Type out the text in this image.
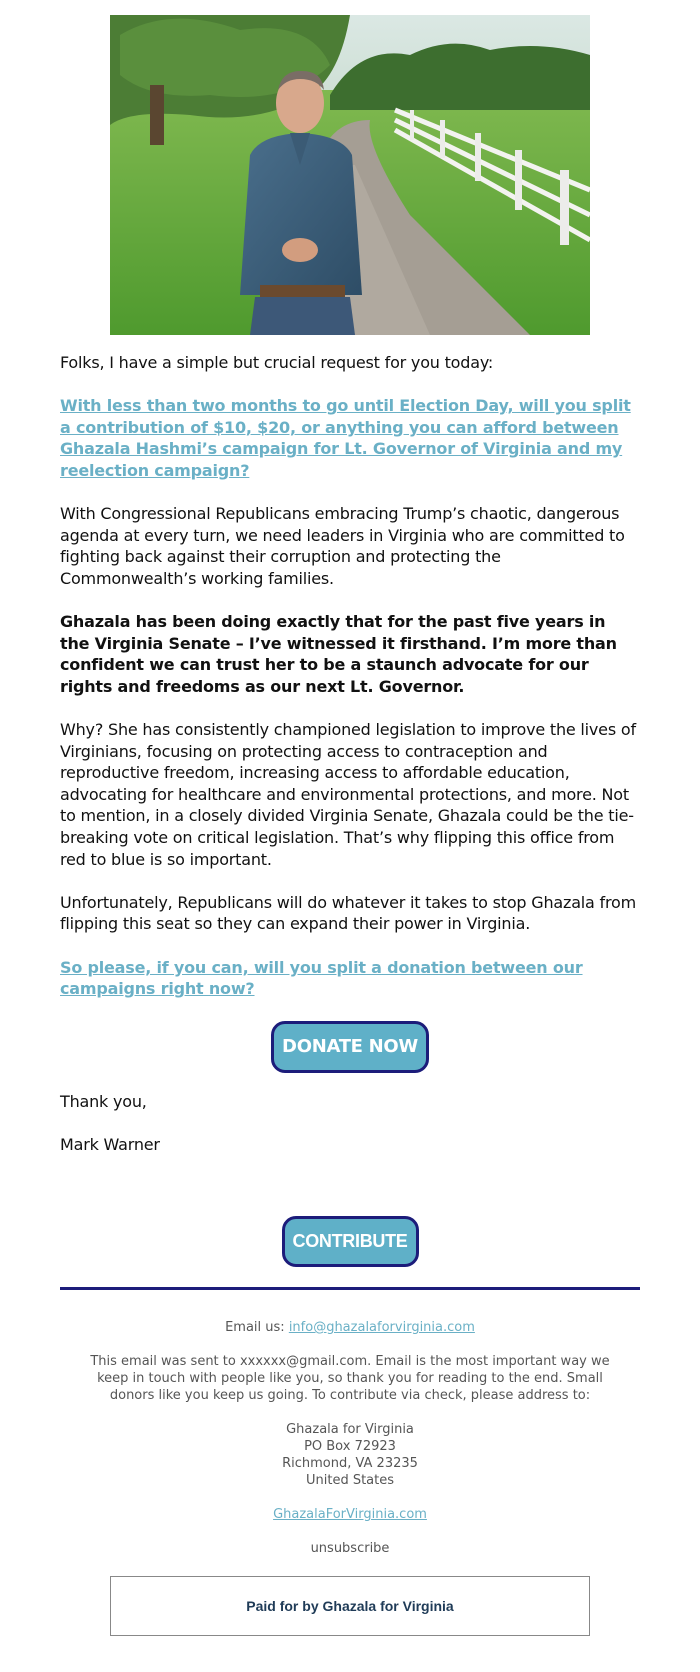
Folks, I have a simple but crucial request for you today:

With less than two months to go until Election Day, will you split a contribution of $10, $20, or anything you can afford between Ghazala Hashmi’s campaign for Lt. Governor of Virginia and my reelection campaign?

With Congressional Republicans embracing Trump’s chaotic, dangerous agenda at every turn, we need leaders in Virginia who are committed to fighting back against their corruption and protecting the Commonwealth’s working families.

Ghazala has been doing exactly that for the past five years in the Virginia Senate – I’ve witnessed it firsthand. I’m more than confident we can trust her to be a staunch advocate for our rights and freedoms as our next Lt. Governor.

Why? She has consistently championed legislation to improve the lives of Virginians, focusing on protecting access to contraception and reproductive freedom, increasing access to affordable education, advocating for healthcare and environmental protections, and more. Not to mention, in a closely divided Virginia Senate, Ghazala could be the tie-breaking vote on critical legislation. That’s why flipping this office from red to blue is so important.

Unfortunately, Republicans will do whatever it takes to stop Ghazala from flipping this seat so they can expand their power in Virginia.

So please, if you can, will you split a donation between our campaigns right now?

DONATE NOW

Thank you,

Mark Warner

CONTRIBUTE

Email us: info@ghazalaforvirginia.com

This email was sent to xxxxxx@gmail.com. Email is the most important way we keep in touch with people like you, so thank you for reading to the end. Small donors like you keep us going. To contribute via check, please address to:

Ghazala for Virginia
PO Box 72923
Richmond, VA 23235
United States

GhazalaForVirginia.com

unsubscribe

Paid for by Ghazala for Virginia
